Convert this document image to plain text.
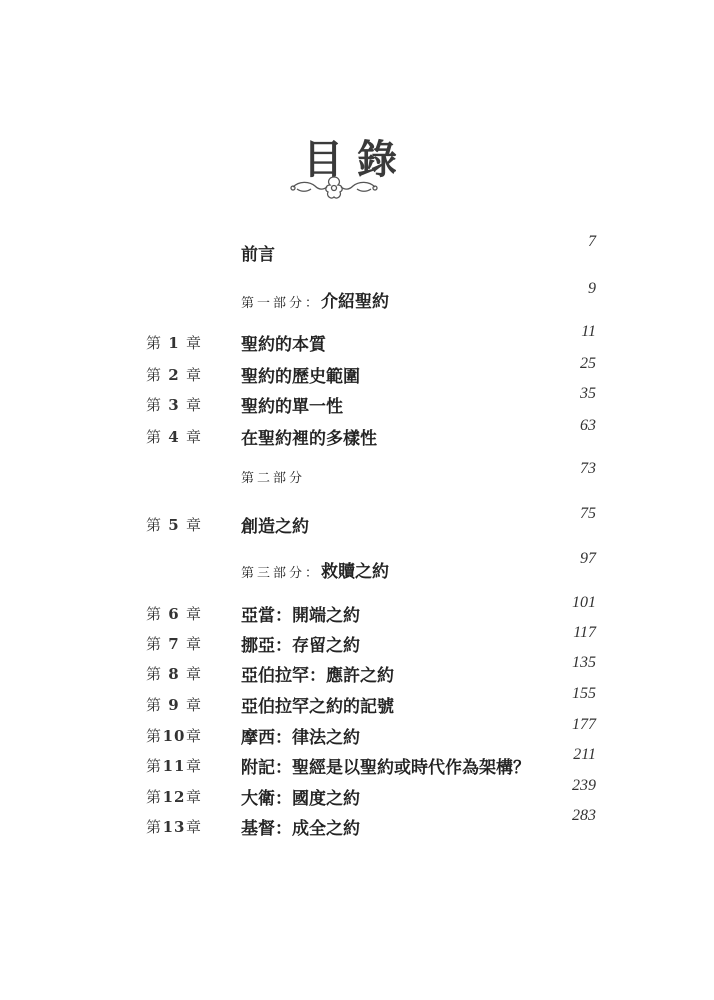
目錄
前言
7
第一部分：介紹聖約
9
第 1 章 聖約的本質
11
第 2 章 聖約的歷史範圍
25
第 3 章 聖約的單一性
35
第 4 章 在聖約裡的多樣性
63
第二部分
73
第 5 章 創造之約
75
第三部分：救贖之約
97
第 6 章 亞當：開端之約
101
第 7 章 挪亞：存留之約
117
第 8 章 亞伯拉罕：應許之約
135
第 9 章 亞伯拉罕之約的記號
155
第10章 摩西：律法之約
177
第11章 附記：聖經是以聖約或時代作為架構？
211
第12章 大衛：國度之約
239
第13章 基督：成全之約
283
